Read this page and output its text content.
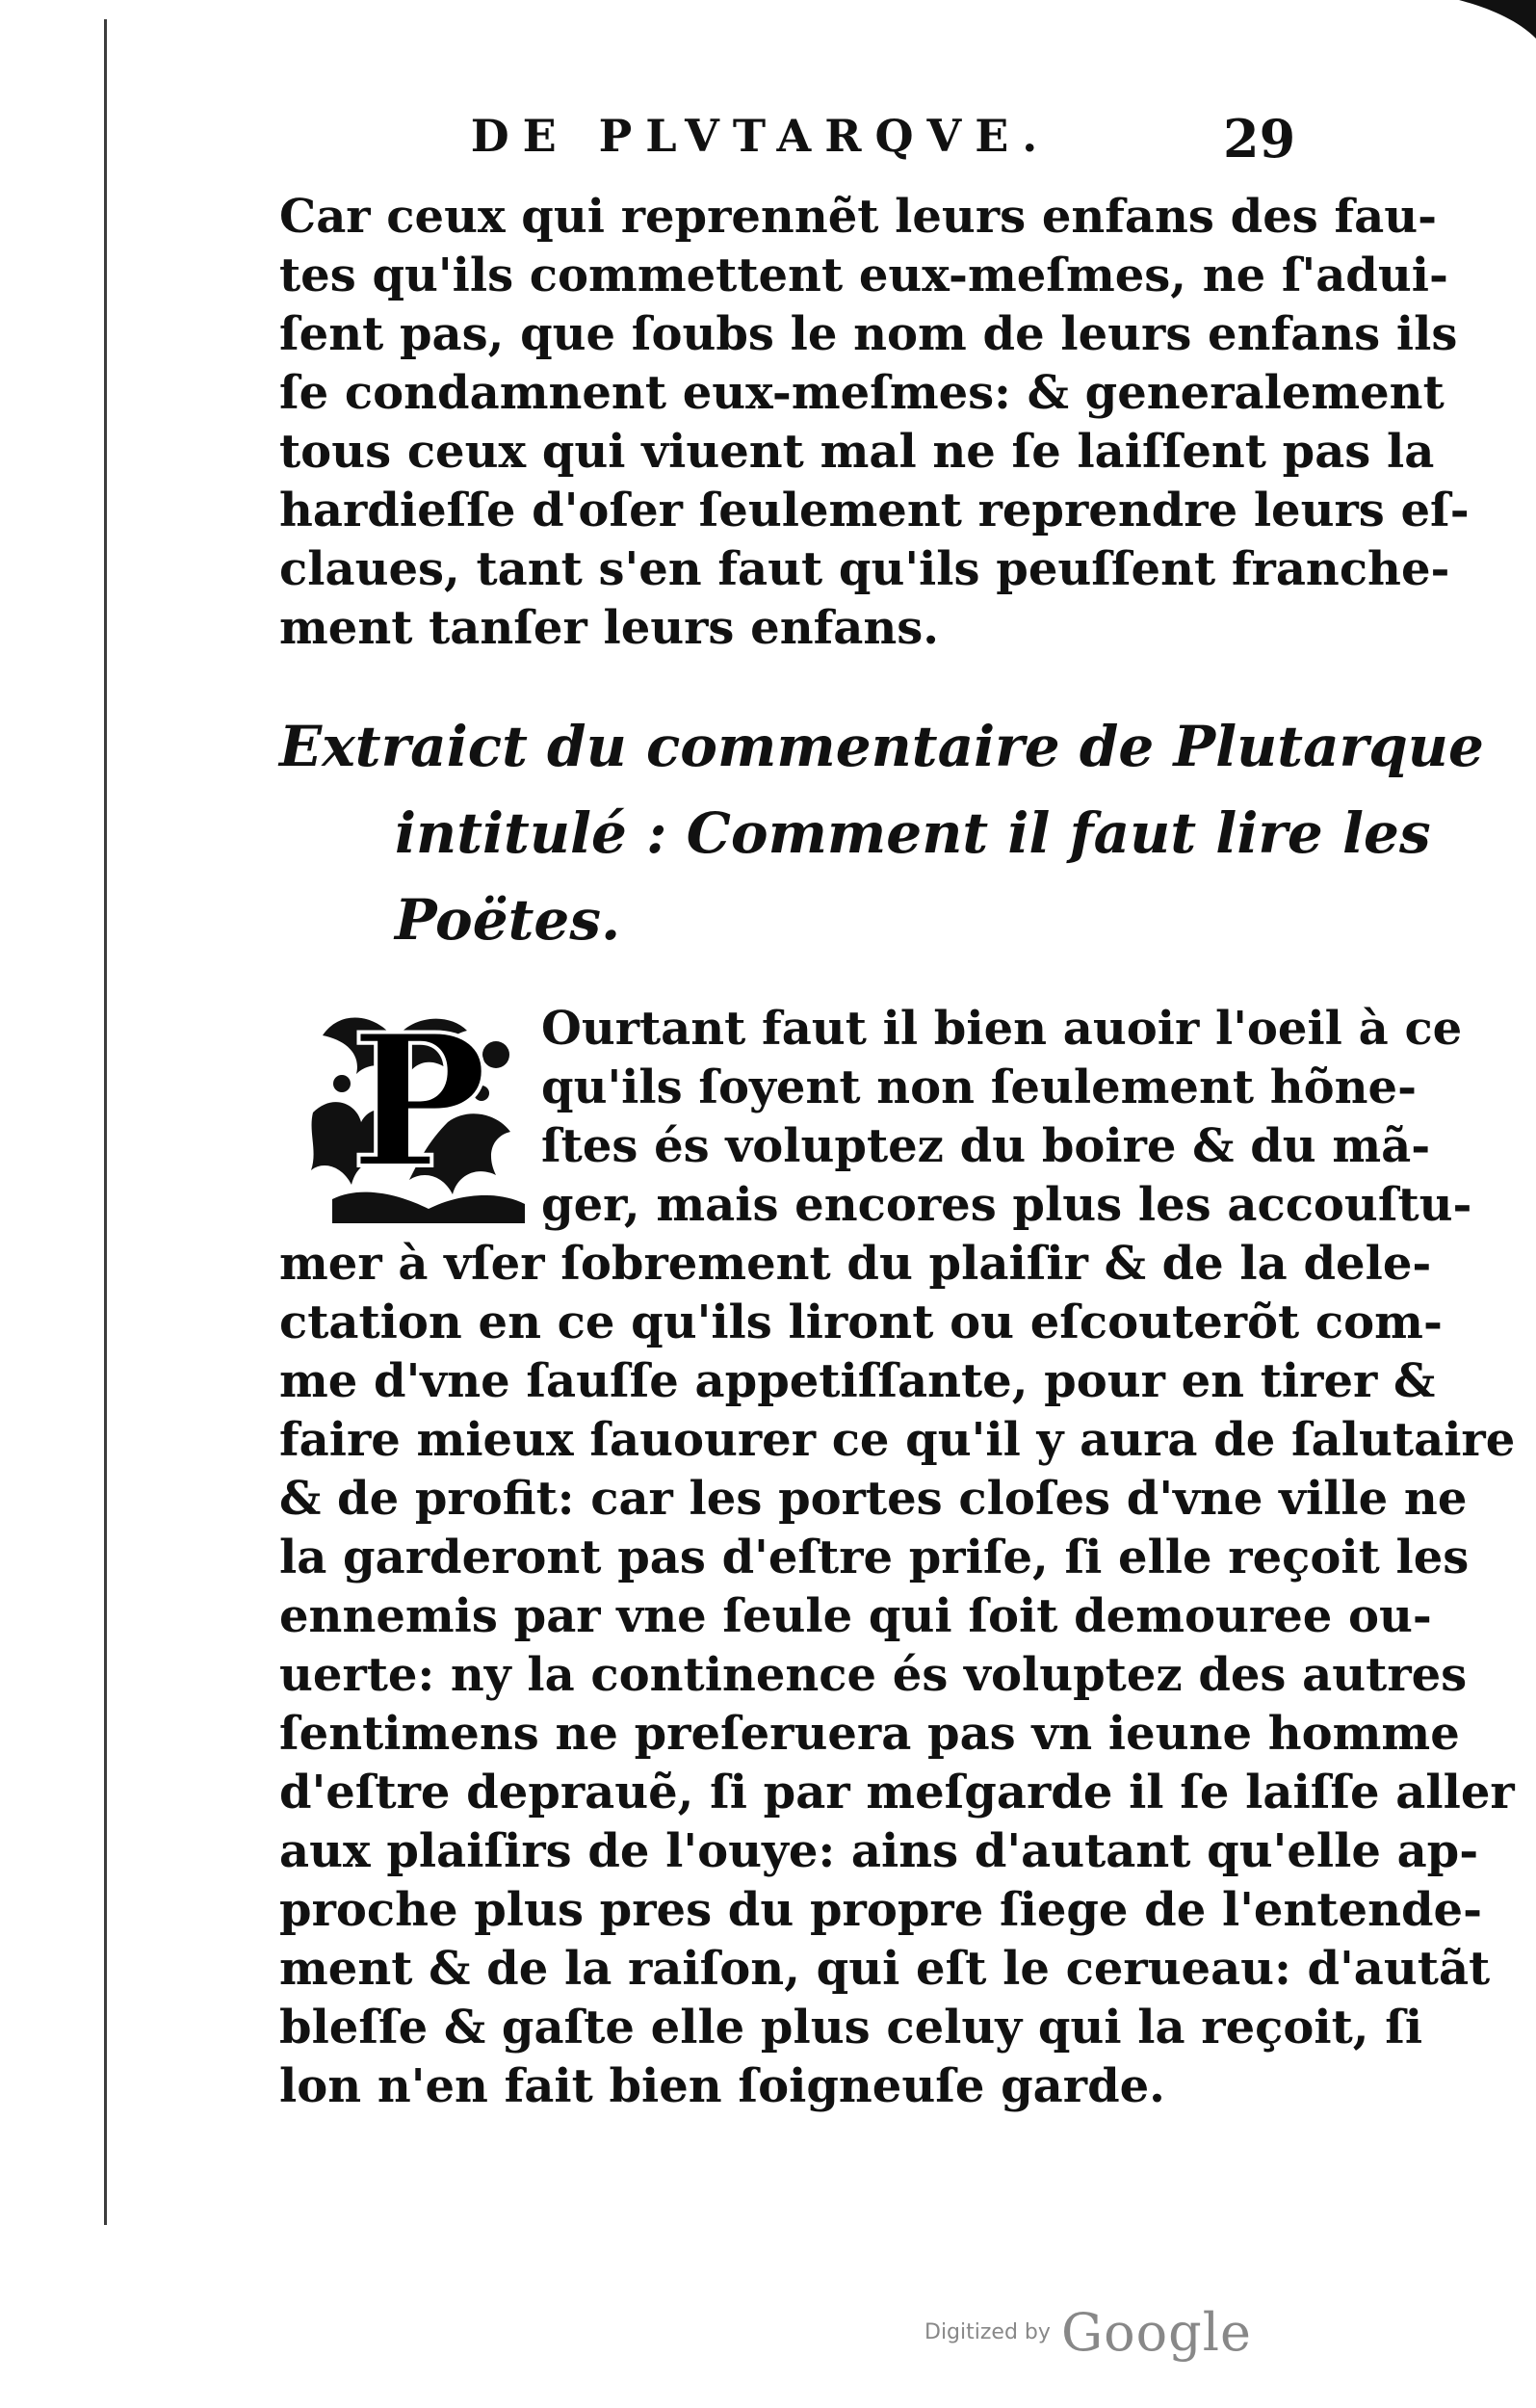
DE PLVTARQVE.	29
Car ceux qui reprennẽt leurs enfans des fau-
tes qu'ils commettent eux-meſmes, ne ſ'adui-
ſent pas, que ſoubs le nom de leurs enfans ils
ſe condamnent eux-meſmes: & generalement
tous ceux qui viuent mal ne ſe laiſſent pas la
hardieſſe d'oſer ſeulement reprendre leurs eſ-
claues, tant s'en faut qu'ils peuſſent franche-
ment tanſer leurs enfans.
Extraict du commentaire de Plutarque
intitulé : Comment il faut lire les
Poëtes.
P	Ourtant faut il bien auoir l'oeil à ce
qu'ils ſoyent non ſeulement hõne-
ſtes és voluptez du boire & du mã-
ger, mais encores plus les accouſtu-
mer à vſer ſobrement du plaiſir & de la dele-
ctation en ce qu'ils liront ou eſcouterõt com-
me d'vne ſauſſe appetiſſante, pour en tirer &
faire mieux ſauourer ce qu'il y aura de ſalutaire
& de profit: car les portes cloſes d'vne ville ne
la garderont pas d'eſtre priſe, ſi elle reçoit les
ennemis par vne ſeule qui ſoit demouree ou-
uerte: ny la continence és voluptez des autres
ſentimens ne preſeruera pas vn ieune homme
d'eſtre deprauẽ, ſi par meſgarde il ſe laiſſe aller
aux plaiſirs de l'ouye: ains d'autant qu'elle ap-
proche plus pres du propre ſiege de l'entende-
ment & de la raiſon, qui eſt le cerueau: d'autãt
bleſſe & gaſte elle plus celuy qui la reçoit, ſi
lon n'en fait bien ſoigneuſe garde.
Digitized by Google
